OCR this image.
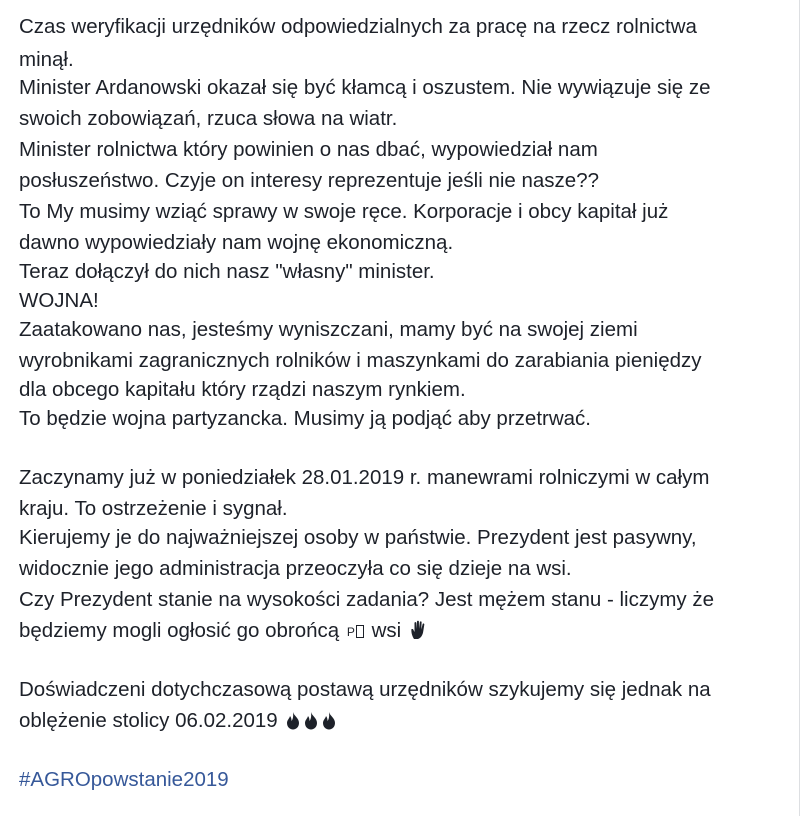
Czas weryfikacji urzędników odpowiedzialnych za pracę na rzecz rolnictwa
minął.
Minister Ardanowski okazał się być kłamcą i oszustem. Nie wywiązuje się ze
swoich zobowiązań, rzuca słowa na wiatr.
Minister rolnictwa który powinien o nas dbać, wypowiedział nam
posłuszeństwo. Czyje on interesy reprezentuje jeśli nie nasze??
To My musimy wziąć sprawy w swoje ręce. Korporacje i obcy kapitał już
dawno wypowiedziały nam wojnę ekonomiczną.
Teraz dołączył do nich nasz "własny" minister.
WOJNA!
Zaatakowano nas, jesteśmy wyniszczani, mamy być na swojej ziemi
wyrobnikami zagranicznych rolników i maszynkami do zarabiania pieniędzy
dla obcego kapitału który rządzi naszym rynkiem.
To będzie wojna partyzancka. Musimy ją podjąć aby przetrwać.
Zaczynamy już w poniedziałek 28.01.2019 r. manewrami rolniczymi w całym
kraju. To ostrzeżenie i sygnał.
Kierujemy je do najważniejszej osoby w państwie. Prezydent jest pasywny,
widocznie jego administracja przeoczyła co się dzieje na wsi.
Czy Prezydent stanie na wysokości zadania? Jest mężem stanu - liczymy że
będziemy mogli ogłosić go obrońcą P wsi
Doświadczeni dotychczasową postawą urzędników szykujemy się jednak na
oblężenie stolicy 06.02.2019
#AGROpowstanie2019
